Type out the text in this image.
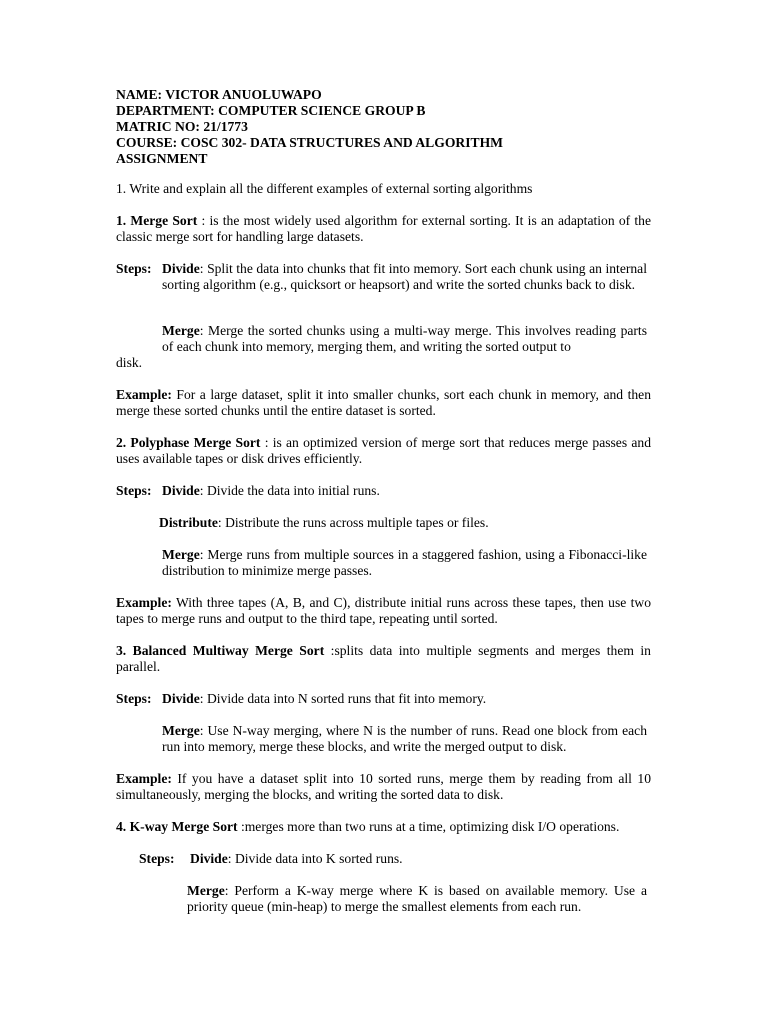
NAME: VICTOR ANUOLUWAPO
DEPARTMENT: COMPUTER SCIENCE GROUP B
MATRIC NO: 21/1773
COURSE: COSC 302- DATA STRUCTURES AND ALGORITHM
ASSIGNMENT
1. Write and explain all the different examples of external sorting algorithms
1. Merge Sort : is the most widely used algorithm for external sorting. It is an adaptation of the classic merge sort for handling large datasets.
Steps: Divide: Split the data into chunks that fit into memory. Sort each chunk using an internal sorting algorithm (e.g., quicksort or heapsort) and write the sorted chunks back to disk.
Merge: Merge the sorted chunks using a multi-way merge. This involves reading parts of each chunk into memory, merging them, and writing the sorted output to
disk.
Example: For a large dataset, split it into smaller chunks, sort each chunk in memory, and then merge these sorted chunks until the entire dataset is sorted.
2. Polyphase Merge Sort : is an optimized version of merge sort that reduces merge passes and uses available tapes or disk drives efficiently.
Steps: Divide: Divide the data into initial runs.
Distribute: Distribute the runs across multiple tapes or files.
Merge: Merge runs from multiple sources in a staggered fashion, using a Fibonacci-like distribution to minimize merge passes.
Example: With three tapes (A, B, and C), distribute initial runs across these tapes, then use two tapes to merge runs and output to the third tape, repeating until sorted.
3. Balanced Multiway Merge Sort :splits data into multiple segments and merges them in parallel.
Steps: Divide: Divide data into N sorted runs that fit into memory.
Merge: Use N-way merging, where N is the number of runs. Read one block from each run into memory, merge these blocks, and write the merged output to disk.
Example: If you have a dataset split into 10 sorted runs, merge them by reading from all 10 simultaneously, merging the blocks, and writing the sorted data to disk.
4. K-way Merge Sort :merges more than two runs at a time, optimizing disk I/O operations.
Steps: Divide: Divide data into K sorted runs.
Merge: Perform a K-way merge where K is based on available memory. Use a priority queue (min-heap) to merge the smallest elements from each run.
